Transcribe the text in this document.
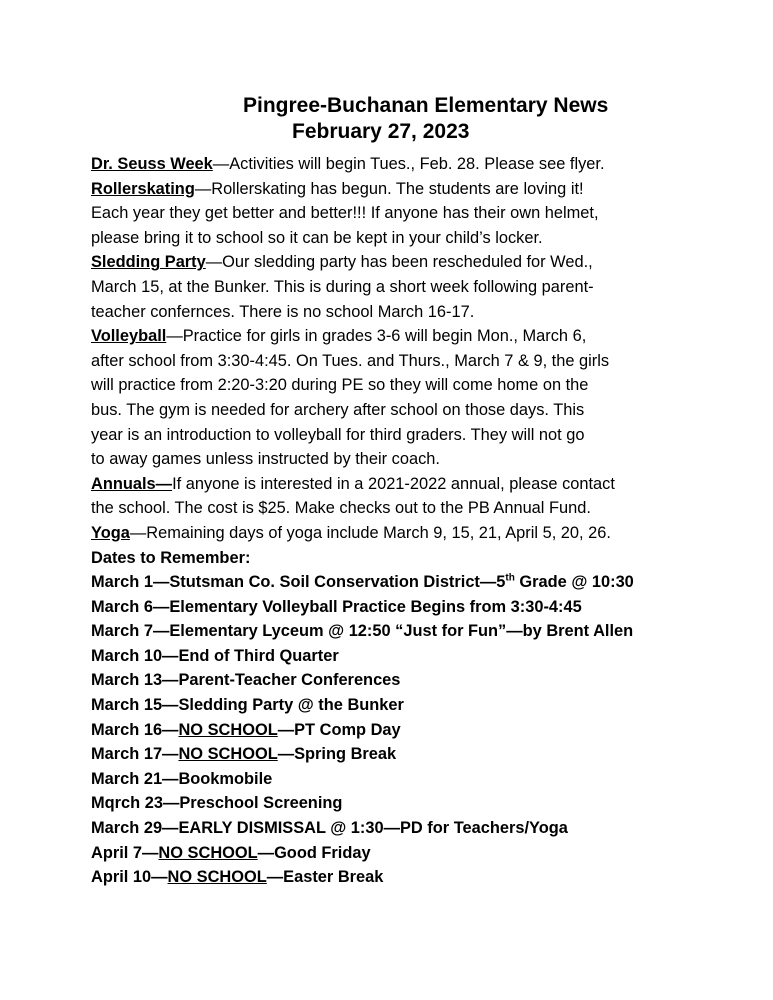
Pingree-Buchanan Elementary News
February 27, 2023
Dr. Seuss Week—Activities will begin Tues., Feb. 28. Please see flyer.
Rollerskating—Rollerskating has begun. The students are loving it!
Each year they get better and better!!! If anyone has their own helmet,
please bring it to school so it can be kept in your child’s locker.
Sledding Party—Our sledding party has been rescheduled for Wed.,
March 15, at the Bunker. This is during a short week following parent-
teacher confernces. There is no school March 16-17.
Volleyball—Practice for girls in grades 3-6 will begin Mon., March 6,
after school from 3:30-4:45. On Tues. and Thurs., March 7 & 9, the girls
will practice from 2:20-3:20 during PE so they will come home on the
bus. The gym is needed for archery after school on those days. This
year is an introduction to volleyball for third graders. They will not go
to away games unless instructed by their coach.
Annuals—If anyone is interested in a 2021-2022 annual, please contact
the school. The cost is $25. Make checks out to the PB Annual Fund.
Yoga—Remaining days of yoga include March 9, 15, 21, April 5, 20, 26.
Dates to Remember:
March 1—Stutsman Co. Soil Conservation District—5th Grade @ 10:30
March 6—Elementary Volleyball Practice Begins from 3:30-4:45
March 7—Elementary Lyceum @ 12:50 “Just for Fun”—by Brent Allen
March 10—End of Third Quarter
March 13—Parent-Teacher Conferences
March 15—Sledding Party @ the Bunker
March 16—NO SCHOOL—PT Comp Day
March 17—NO SCHOOL—Spring Break
March 21—Bookmobile
Mqrch 23—Preschool Screening
March 29—EARLY DISMISSAL @ 1:30—PD for Teachers/Yoga
April 7—NO SCHOOL—Good Friday
April 10—NO SCHOOL—Easter Break
